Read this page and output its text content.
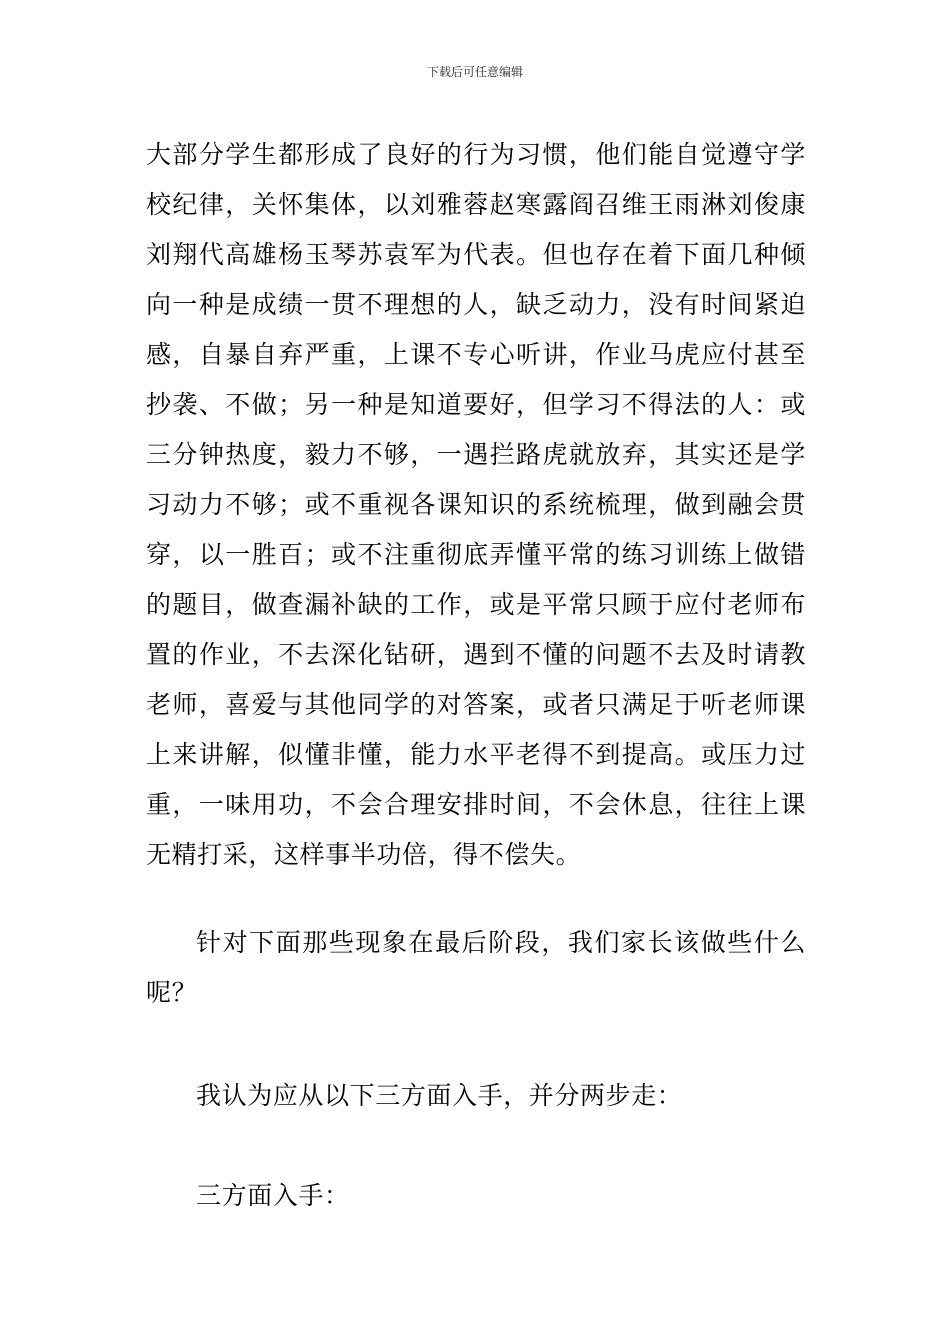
下载后可任意编辑
大部分学生都形成了良好的行为习惯，他们能自觉遵守学
校纪律，关怀集体，以刘雅蓉赵寒露阎召维王雨淋刘俊康
刘翔代高雄杨玉琴苏袁军为代表。但也存在着下面几种倾
向一种是成绩一贯不理想的人，缺乏动力，没有时间紧迫
感，自暴自弃严重，上课不专心听讲，作业马虎应付甚至
抄袭、不做；另一种是知道要好，但学习不得法的人：或
三分钟热度，毅力不够，一遇拦路虎就放弃，其实还是学
习动力不够；或不重视各课知识的系统梳理，做到融会贯
穿，以一胜百；或不注重彻底弄懂平常的练习训练上做错
的题目，做查漏补缺的工作，或是平常只顾于应付老师布
置的作业，不去深化钻研，遇到不懂的问题不去及时请教
老师，喜爱与其他同学的对答案，或者只满足于听老师课
上来讲解，似懂非懂，能力水平老得不到提高。或压力过
重，一味用功，不会合理安排时间，不会休息，往往上课
无精打采，这样事半功倍，得不偿失。
针对下面那些现象在最后阶段，我们家长该做些什么
呢？
我认为应从以下三方面入手，并分两步走：
三方面入手：
